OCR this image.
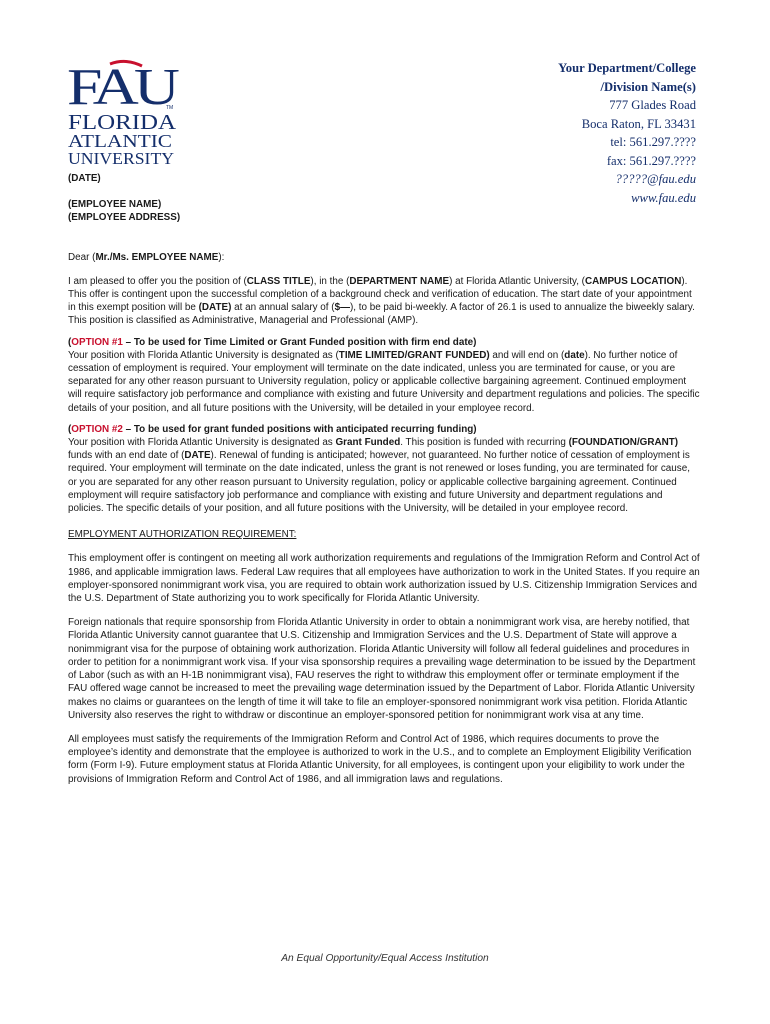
FAU
TM
FLORIDA
ATLANTIC
UNIVERSITY
Your Department/College
/Division Name(s)
777 Glades Road
Boca Raton, FL 33431
tel: 561.297.????
fax: 561.297.????
?????@fau.edu
www.fau.edu

(DATE)

(EMPLOYEE NAME)

(EMPLOYEE ADDRESS)

Dear (Mr./Ms. EMPLOYEE NAME):

I am pleased to offer you the position of (CLASS TITLE), in the (DEPARTMENT NAME) at Florida Atlantic University, (CAMPUS LOCATION). This offer is contingent upon the successful completion of a background check and verification of education. The start date of your appointment in this exempt position will be (DATE) at an annual salary of ($—), to be paid bi-weekly. A factor of 26.1 is used to annualize the biweekly salary. This position is classified as Administrative, Managerial and Professional (AMP).

(OPTION #1 – To be used for Time Limited or Grant Funded position with firm end date)

Your position with Florida Atlantic University is designated as (TIME LIMITED/GRANT FUNDED) and will end on (date). No further notice of cessation of employment is required. Your employment will terminate on the date indicated, unless you are terminated for cause, or you are separated for any other reason pursuant to University regulation, policy or applicable collective bargaining agreement. Continued employment will require satisfactory job performance and compliance with existing and future University and department regulations and policies. The specific details of your position, and all future positions with the University, will be detailed in your employee record.

(OPTION #2 – To be used for grant funded positions with anticipated recurring funding)

Your position with Florida Atlantic University is designated as Grant Funded. This position is funded with recurring (FOUNDATION/GRANT) funds with an end date of (DATE). Renewal of funding is anticipated; however, not guaranteed. No further notice of cessation of employment is required. Your employment will terminate on the date indicated, unless the grant is not renewed or loses funding, you are terminated for cause, or you are separated for any other reason pursuant to University regulation, policy or applicable collective bargaining agreement. Continued employment will require satisfactory job performance and compliance with existing and future University and department regulations and policies. The specific details of your position, and all future positions with the University, will be detailed in your employee record.

EMPLOYMENT AUTHORIZATION REQUIREMENT:

This employment offer is contingent on meeting all work authorization requirements and regulations of the Immigration Reform and Control Act of 1986, and applicable immigration laws. Federal Law requires that all employees have authorization to work in the United States. If you require an employer-sponsored nonimmigrant work visa, you are required to obtain work authorization issued by U.S. Citizenship Immigration Services and the U.S. Department of State authorizing you to work specifically for Florida Atlantic University.

Foreign nationals that require sponsorship from Florida Atlantic University in order to obtain a nonimmigrant work visa, are hereby notified, that Florida Atlantic University cannot guarantee that U.S. Citizenship and Immigration Services and the U.S. Department of State will approve a nonimmigrant visa for the purpose of obtaining work authorization. Florida Atlantic University will follow all federal guidelines and procedures in order to petition for a nonimmigrant work visa. If your visa sponsorship requires a prevailing wage determination to be issued by the Department of Labor (such as with an H-1B nonimmigrant visa), FAU reserves the right to withdraw this employment offer or terminate employment if the FAU offered wage cannot be increased to meet the prevailing wage determination issued by the Department of Labor. Florida Atlantic University makes no claims or guarantees on the length of time it will take to file an employer-sponsored nonimmigrant work visa petition. Florida Atlantic University also reserves the right to withdraw or discontinue an employer-sponsored petition for nonimmigrant work visa at any time.

All employees must satisfy the requirements of the Immigration Reform and Control Act of 1986, which requires documents to prove the employee’s identity and demonstrate that the employee is authorized to work in the U.S., and to complete an Employment Eligibility Verification form (Form I-9). Future employment status at Florida Atlantic University, for all employees, is contingent upon your eligibility to work under the provisions of Immigration Reform and Control Act of 1986, and all immigration laws and regulations.

An Equal Opportunity/Equal Access Institution
